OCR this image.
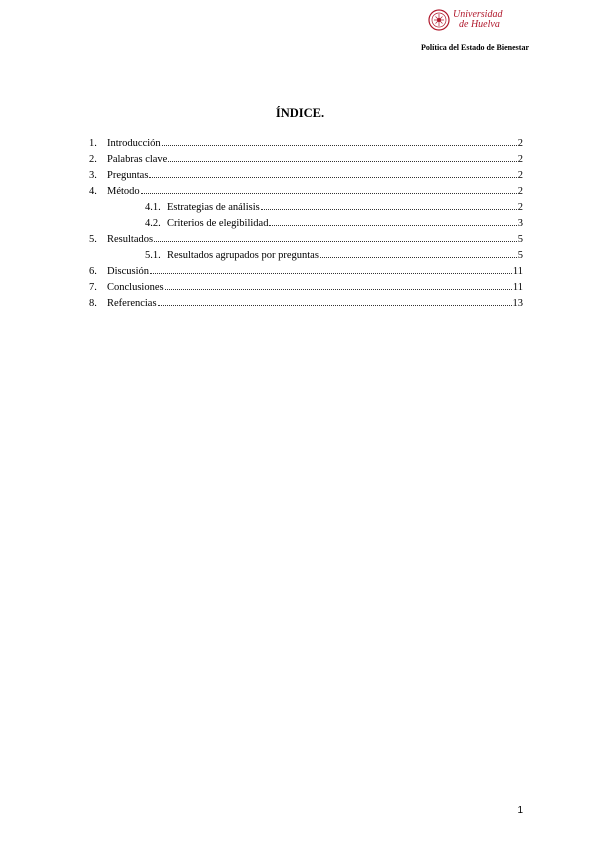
Universidad
de Huelva
Política del Estado de Bienestar
ÍNDICE.
1. Introducción	2
2. Palabras clave	2
3. Preguntas	2
4. Método	2
4.1. Estrategias de análisis	2
4.2. Criterios de elegibilidad	3
5. Resultados	5
5.1. Resultados agrupados por preguntas	5
6. Discusión	11
7. Conclusiones	11
8. Referencias	13
1
